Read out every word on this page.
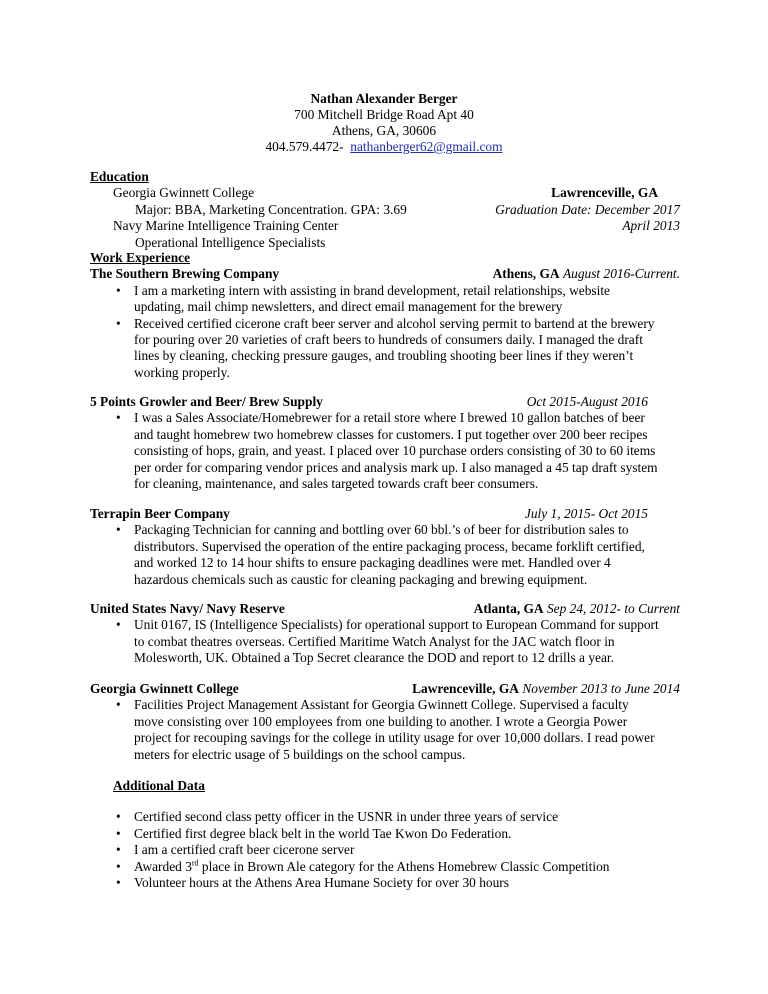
Nathan Alexander Berger
700 Mitchell Bridge Road Apt 40
Athens, GA, 30606
404.579.4472- nathanberger62@gmail.com
Education
Georgia Gwinnett College	Lawrenceville, GA
Major: BBA, Marketing Concentration. GPA: 3.69	Graduation Date: December 2017
Navy Marine Intelligence Training Center	April 2013
Operational Intelligence Specialists
Work Experience
The Southern Brewing Company	Athens, GA August 2016-Current.
• I am a marketing intern with assisting in brand development, retail relationships, website
updating, mail chimp newsletters, and direct email management for the brewery
• Received certified cicerone craft beer server and alcohol serving permit to bartend at the brewery
for pouring over 20 varieties of craft beers to hundreds of consumers daily. I managed the draft
lines by cleaning, checking pressure gauges, and troubling shooting beer lines if they weren’t
working properly.
5 Points Growler and Beer/ Brew Supply	Oct 2015-August 2016
• I was a Sales Associate/Homebrewer for a retail store where I brewed 10 gallon batches of beer
and taught homebrew two homebrew classes for customers. I put together over 200 beer recipes
consisting of hops, grain, and yeast. I placed over 10 purchase orders consisting of 30 to 60 items
per order for comparing vendor prices and analysis mark up. I also managed a 45 tap draft system
for cleaning, maintenance, and sales targeted towards craft beer consumers.
Terrapin Beer Company	July 1, 2015- Oct 2015
• Packaging Technician for canning and bottling over 60 bbl.’s of beer for distribution sales to
distributors. Supervised the operation of the entire packaging process, became forklift certified,
and worked 12 to 14 hour shifts to ensure packaging deadlines were met. Handled over 4
hazardous chemicals such as caustic for cleaning packaging and brewing equipment.
United States Navy/ Navy Reserve	Atlanta, GA Sep 24, 2012- to Current
• Unit 0167, IS (Intelligence Specialists) for operational support to European Command for support
to combat theatres overseas. Certified Maritime Watch Analyst for the JAC watch floor in
Molesworth, UK. Obtained a Top Secret clearance the DOD and report to 12 drills a year.
Georgia Gwinnett College	Lawrenceville, GA November 2013 to June 2014
• Facilities Project Management Assistant for Georgia Gwinnett College. Supervised a faculty
move consisting over 100 employees from one building to another. I wrote a Georgia Power
project for recouping savings for the college in utility usage for over 10,000 dollars. I read power
meters for electric usage of 5 buildings on the school campus.
Additional Data
• Certified second class petty officer in the USNR in under three years of service
• Certified first degree black belt in the world Tae Kwon Do Federation.
• I am a certified craft beer cicerone server
• Awarded 3rd place in Brown Ale category for the Athens Homebrew Classic Competition
• Volunteer hours at the Athens Area Humane Society for over 30 hours
